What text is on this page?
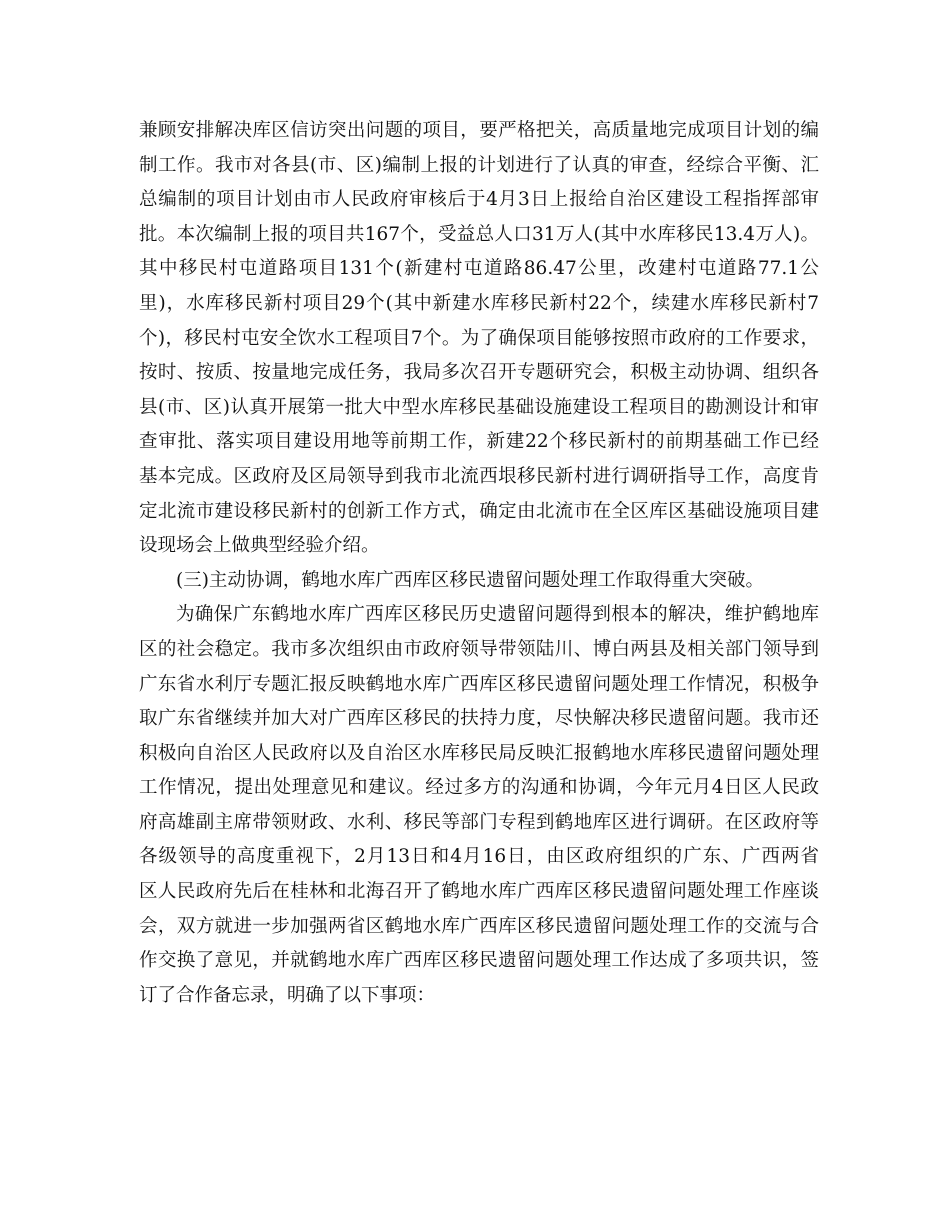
兼顾安排解决库区信访突出问题的项目，要严格把关，高质量地完成项目计划的编
制工作。我市对各县(市、区)编制上报的计划进行了认真的审查，经综合平衡、汇
总编制的项目计划由市人民政府审核后于4月3日上报给自治区建设工程指挥部审
批。本次编制上报的项目共167个，受益总人口31万人(其中水库移民13.4万人)。
其中移民村屯道路项目131个(新建村屯道路86.47公里，改建村屯道路77.1公
里)，水库移民新村项目29个(其中新建水库移民新村22个，续建水库移民新村7
个)，移民村屯安全饮水工程项目7个。为了确保项目能够按照市政府的工作要求，
按时、按质、按量地完成任务，我局多次召开专题研究会，积极主动协调、组织各
县(市、区)认真开展第一批大中型水库移民基础设施建设工程项目的勘测设计和审
查审批、落实项目建设用地等前期工作，新建22个移民新村的前期基础工作已经
基本完成。区政府及区局领导到我市北流西垠移民新村进行调研指导工作，高度肯
定北流市建设移民新村的创新工作方式，确定由北流市在全区库区基础设施项目建
设现场会上做典型经验介绍。
(三)主动协调，鹤地水库广西库区移民遗留问题处理工作取得重大突破。
为确保广东鹤地水库广西库区移民历史遗留问题得到根本的解决，维护鹤地库
区的社会稳定。我市多次组织由市政府领导带领陆川、博白两县及相关部门领导到
广东省水利厅专题汇报反映鹤地水库广西库区移民遗留问题处理工作情况，积极争
取广东省继续并加大对广西库区移民的扶持力度，尽快解决移民遗留问题。我市还
积极向自治区人民政府以及自治区水库移民局反映汇报鹤地水库移民遗留问题处理
工作情况，提出处理意见和建议。经过多方的沟通和协调，今年元月4日区人民政
府高雄副主席带领财政、水利、移民等部门专程到鹤地库区进行调研。在区政府等
各级领导的高度重视下，2月13日和4月16日，由区政府组织的广东、广西两省
区人民政府先后在桂林和北海召开了鹤地水库广西库区移民遗留问题处理工作座谈
会，双方就进一步加强两省区鹤地水库广西库区移民遗留问题处理工作的交流与合
作交换了意见，并就鹤地水库广西库区移民遗留问题处理工作达成了多项共识，签
订了合作备忘录，明确了以下事项：
